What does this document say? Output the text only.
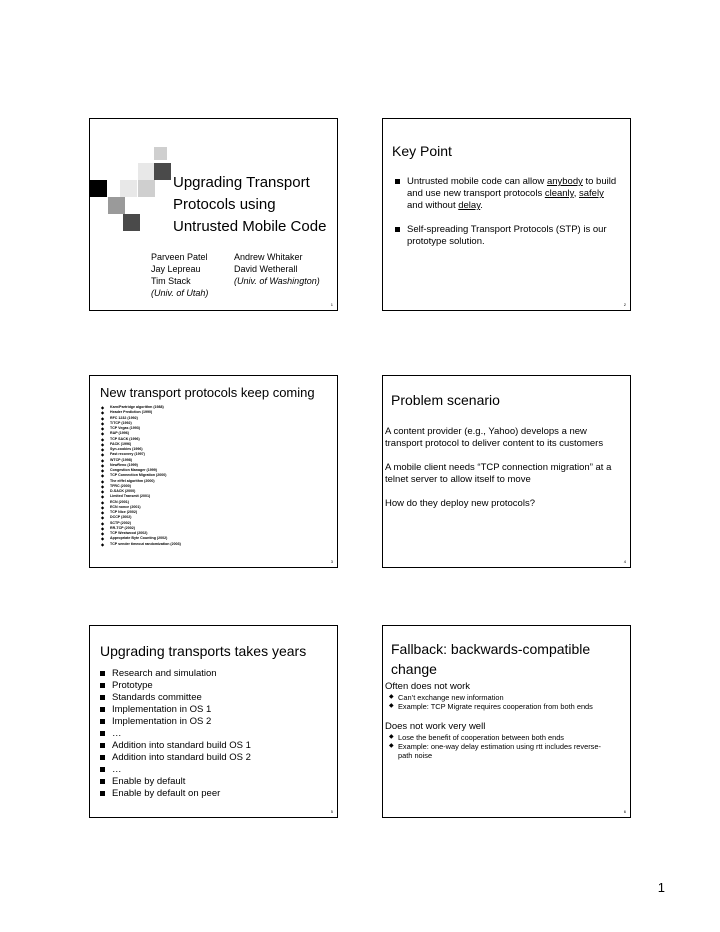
Upgrading Transport
Protocols using
Untrusted Mobile Code
Parveen Patel
Jay Lepreau
Tim Stack
(Univ. of Utah)
Andrew Whitaker
David Wetherall
(Univ. of Washington)
1
Key Point
Untrusted mobile code can allow anybody to build and use new transport protocols cleanly, safely and without delay.
Self-spreading Transport Protocols (STP) is our prototype solution.
2
New transport protocols keep coming
◆ Karn/Partridge algorithm (1988)
◆ Header Prediction (1990)
◆ RFC 1232 (1992)
◆ T/TCP (1992)
◆ TCP Vegas (1993)
◆ RAP (1996)
◆ TCP SACK (1996)
◆ FACK (1996)
◆ Syn-cookies (1996)
◆ Fast recovery (1997)
◆ WTCP (1998)
◆ NewReno (1999)
◆ Congestion Manager (1999)
◆ TCP Connection Migration (2000)
◆ The eiffel algorithm (2000)
◆ TFRC (2000)
◆ D-SACK (2000)
◆ Limited Transmit (2001)
◆ ECN (2001)
◆ ECN nonce (2001)
◆ TCP Nice (2002)
◆ DCCP (2002)
◆ SCTP (2002)
◆ RR-TCP (2002)
◆ TCP Westwood (2002)
◆ Appropriate Byte Counting (2002)
◆ TCP sender timeout randomization (2003)
3
Problem scenario
A content provider (e.g., Yahoo) develops a new transport protocol to deliver content to its customers
A mobile client needs “TCP connection migration” at a telnet server to allow itself to move
How do they deploy new protocols?
4
Upgrading transports takes years
Research and simulation
Prototype
Standards committee
Implementation in OS 1
Implementation in OS 2
…
Addition into standard build OS 1
Addition into standard build OS 2
…
Enable by default
Enable by default on peer
5
Fallback: backwards-compatible
change
Often does not work
◆ Can’t exchange new information
◆ Example: TCP Migrate requires cooperation from both ends
Does not work very well
◆ Lose the benefit of cooperation between both ends
◆ Example: one-way delay estimation using rtt includes reverse-path noise
6
1
